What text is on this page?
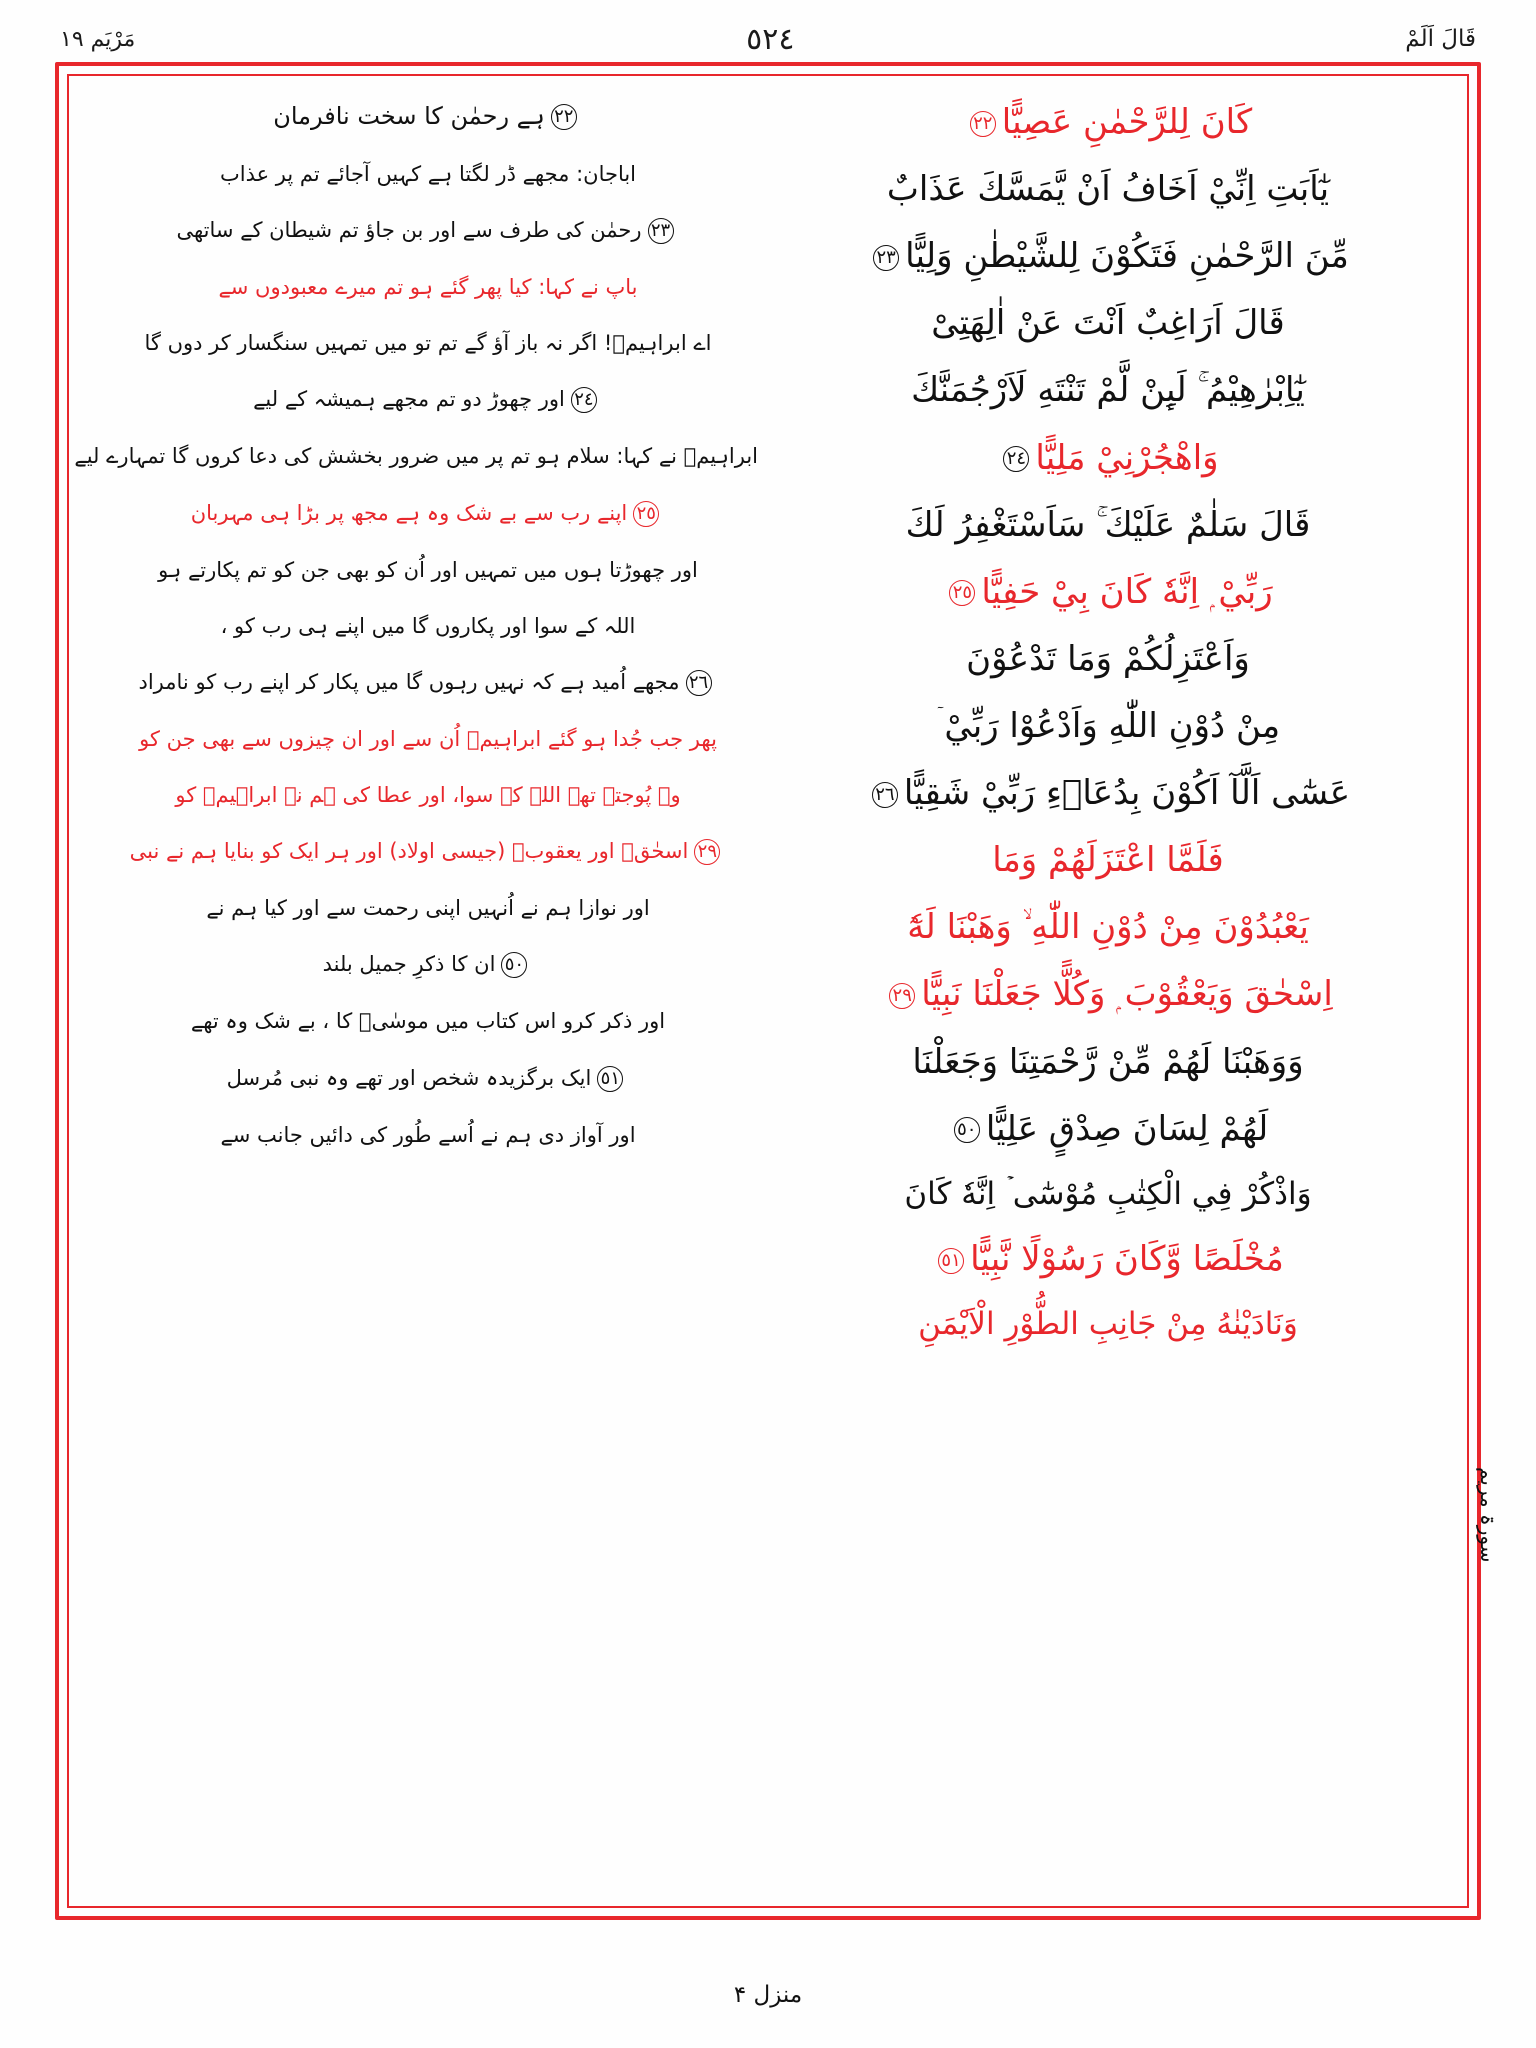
قَالَ اَلَمْ
٥٢٤
مَرْیَم ١٩
سورۃ مریم
كَانَ لِلرَّحْمٰنِ عَصِيًّا٢٢
يٰٓاَبَتِ اِنِّيْ اَخَافُ اَنْ يَّمَسَّكَ عَذَابٌ
مِّنَ الرَّحْمٰنِ فَتَكُوْنَ لِلشَّيْطٰنِ وَلِيًّا٢٣
قَالَ اَرَاغِبٌ اَنْتَ عَنْ اٰلِهَتِىْ
يٰٓاِبْرٰهِيْمُ ۚ لَىِٕنْ لَّمْ تَنْتَهِ لَاَرْجُمَنَّكَ
وَاهْجُرْنِيْ مَلِيًّا٢٤
قَالَ سَلٰمٌ عَلَيْكَ ۚ سَاَسْتَغْفِرُ لَكَ
رَبِّيْ ۭ اِنَّهٗ كَانَ بِيْ حَفِيًّا٢٥
وَاَعْتَزِلُكُمْ وَمَا تَدْعُوْنَ
مِنْ دُوْنِ اللّٰهِ وَاَدْعُوْا رَبِّيْ ۤ
عَسٰٓى اَلَّآ اَكُوْنَ بِدُعَاۗءِ رَبِّيْ شَقِيًّا٢٦
فَلَمَّا اعْتَزَلَهُمْ وَمَا
يَعْبُدُوْنَ مِنْ دُوْنِ اللّٰهِ ۙ وَهَبْنَا لَهٗٓ
اِسْحٰقَ وَيَعْقُوْبَ ۭ وَكُلًّا جَعَلْنَا نَبِيًّا٢٩
وَوَهَبْنَا لَهُمْ مِّنْ رَّحْمَتِنَا وَجَعَلْنَا
لَهُمْ لِسَانَ صِدْقٍ عَلِيًّا٥٠
وَاذْكُرْ فِي الْكِتٰبِ مُوْسٰٓى ۡ اِنَّهٗ كَانَ
مُخْلَصًا وَّكَانَ رَسُوْلًا نَّبِيًّا٥١
وَنَادَيْنٰهُ مِنْ جَانِبِ الطُّوْرِ الْاَيْمَنِ
٢٢ہے رحمٰن کا سخت نافرمان
اباجان: مجھے ڈر لگتا ہے کہیں آجائے تم پر عذاب
٢٣رحمٰن کی طرف سے اور بن جاؤ تم شیطان کے ساتھی
باپ نے کہا: کیا پھر گئے ہو تم میرے معبودوں سے
اے ابراہیمؑ! اگر نہ باز آؤ گے تم تو میں تمہیں سنگسار کر دوں گا
٢٤اور چھوڑ دو تم مجھے ہمیشہ کے لیے
ابراہیمؑ نے کہا: سلام ہو تم پر میں ضرور بخشش کی دعا کروں گا تمہارے لیے
٢٥اپنے رب سے بے شک وہ ہے مجھ پر بڑا ہی مہربان
اور چھوڑتا ہوں میں تمہیں اور اُن کو بھی جن کو تم پکارتے ہو
اللہ کے سوا اور پکاروں گا میں اپنے ہی رب کو ،
٢٦مجھے اُمید ہے کہ نہیں رہوں گا میں پکار کر اپنے رب کو نامراد
پھر جب جُدا ہو گئے ابراہیمؑ اُن سے اور ان چیزوں سے بھی جن کو
وہ پُوجتے تھے اللہ کے سوا، اور عطا کی ہم نے ابراہیمؑ کو
٢٩اسحٰقؑ اور یعقوبؑ (جیسی اولاد) اور ہر ایک کو بنایا ہم نے نبی
اور نوازا ہم نے اُنہیں اپنی رحمت سے اور کیا ہم نے
٥٠ان کا ذکرِ جمیل بلند
اور ذکر کرو اس کتاب میں موسٰیؑ کا ، بے شک وہ تھے
٥١ایک برگزیدہ شخص اور تھے وہ نبی مُرسل
اور آواز دی ہم نے اُسے طُور کی دائیں جانب سے
منزل ۴
